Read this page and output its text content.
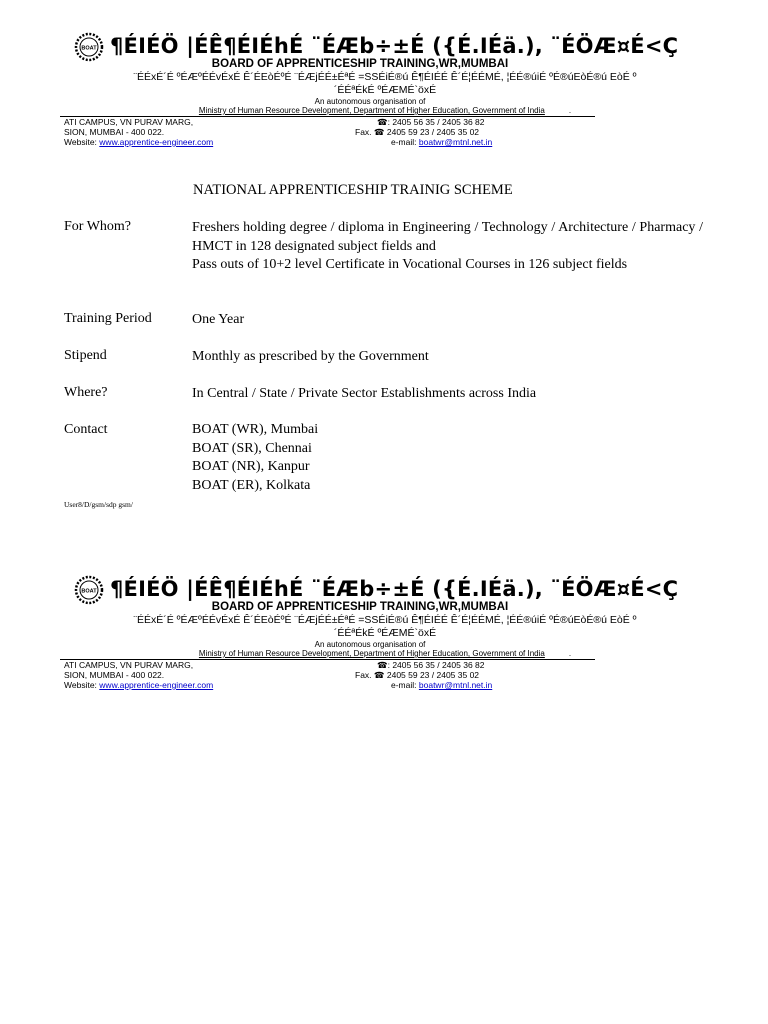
BOAT ¶ÉIÉÖ |ÉÊ¶ÉIÉhÉ ¨ÉÆb÷±É ({É.IÉä.), ¨ÉÖÆ¤É<Ç
BOARD OF APPRENTICESHIP TRAINING,WR,MUMBAI
¨ÉÉxÉ´É ºÉÆºÉÉvÉxÉ Ê´ÉEòÉºÉ ¨ÉÆjÉÉ±ÉªÉ =SSÉiÉ®ú Ê¶ÉIÉÉ Ê´É¦ÉÉMÉ, ¦ÉÉ®úiÉ ºÉ®úEòÉ®ú EòÉ º
´ÉÉªÉkÉ ºÉÆMÉ`öxÉ
An autonomous organisation of
Ministry of Human Resource Development, Department of Higher Education, Government of India	.
ATI CAMPUS, VN PURAV MARG,
SION, MUMBAI - 400 022.
Website: www.apprentice-engineer.com
☎: 2405 56 35 / 2405 36 82
Fax. ☎ 2405 59 23 / 2405 35 02
e-mail: boatwr@mtnl.net.in
NATIONAL APPRENTICESHIP TRAINIG SCHEME
For Whom?	Freshers holding degree / diploma in Engineering / Technology / Architecture / Pharmacy / HMCT in 128 designated subject fields and
Pass outs of 10+2 level Certificate in Vocational Courses in 126 subject fields
Training Period	One Year
Stipend	Monthly as prescribed by the Government
Where?	In Central / State / Private Sector Establishments across India
Contact	BOAT (WR), Mumbai
BOAT (SR), Chennai
BOAT (NR), Kanpur
BOAT (ER), Kolkata
User8/D/gsm/sdp gsm/
BOAT ¶ÉIÉÖ |ÉÊ¶ÉIÉhÉ ¨ÉÆb÷±É ({É.IÉä.), ¨ÉÖÆ¤É<Ç
BOARD OF APPRENTICESHIP TRAINING,WR,MUMBAI
¨ÉÉxÉ´É ºÉÆºÉÉvÉxÉ Ê´ÉEòÉºÉ ¨ÉÆjÉÉ±ÉªÉ =SSÉiÉ®ú Ê¶ÉIÉÉ Ê´É¦ÉÉMÉ, ¦ÉÉ®úiÉ ºÉ®úEòÉ®ú EòÉ º
´ÉÉªÉkÉ ºÉÆMÉ`öxÉ
An autonomous organisation of
Ministry of Human Resource Development, Department of Higher Education, Government of India	.
ATI CAMPUS, VN PURAV MARG,
SION, MUMBAI - 400 022.
Website: www.apprentice-engineer.com
☎: 2405 56 35 / 2405 36 82
Fax. ☎ 2405 59 23 / 2405 35 02
e-mail: boatwr@mtnl.net.in
